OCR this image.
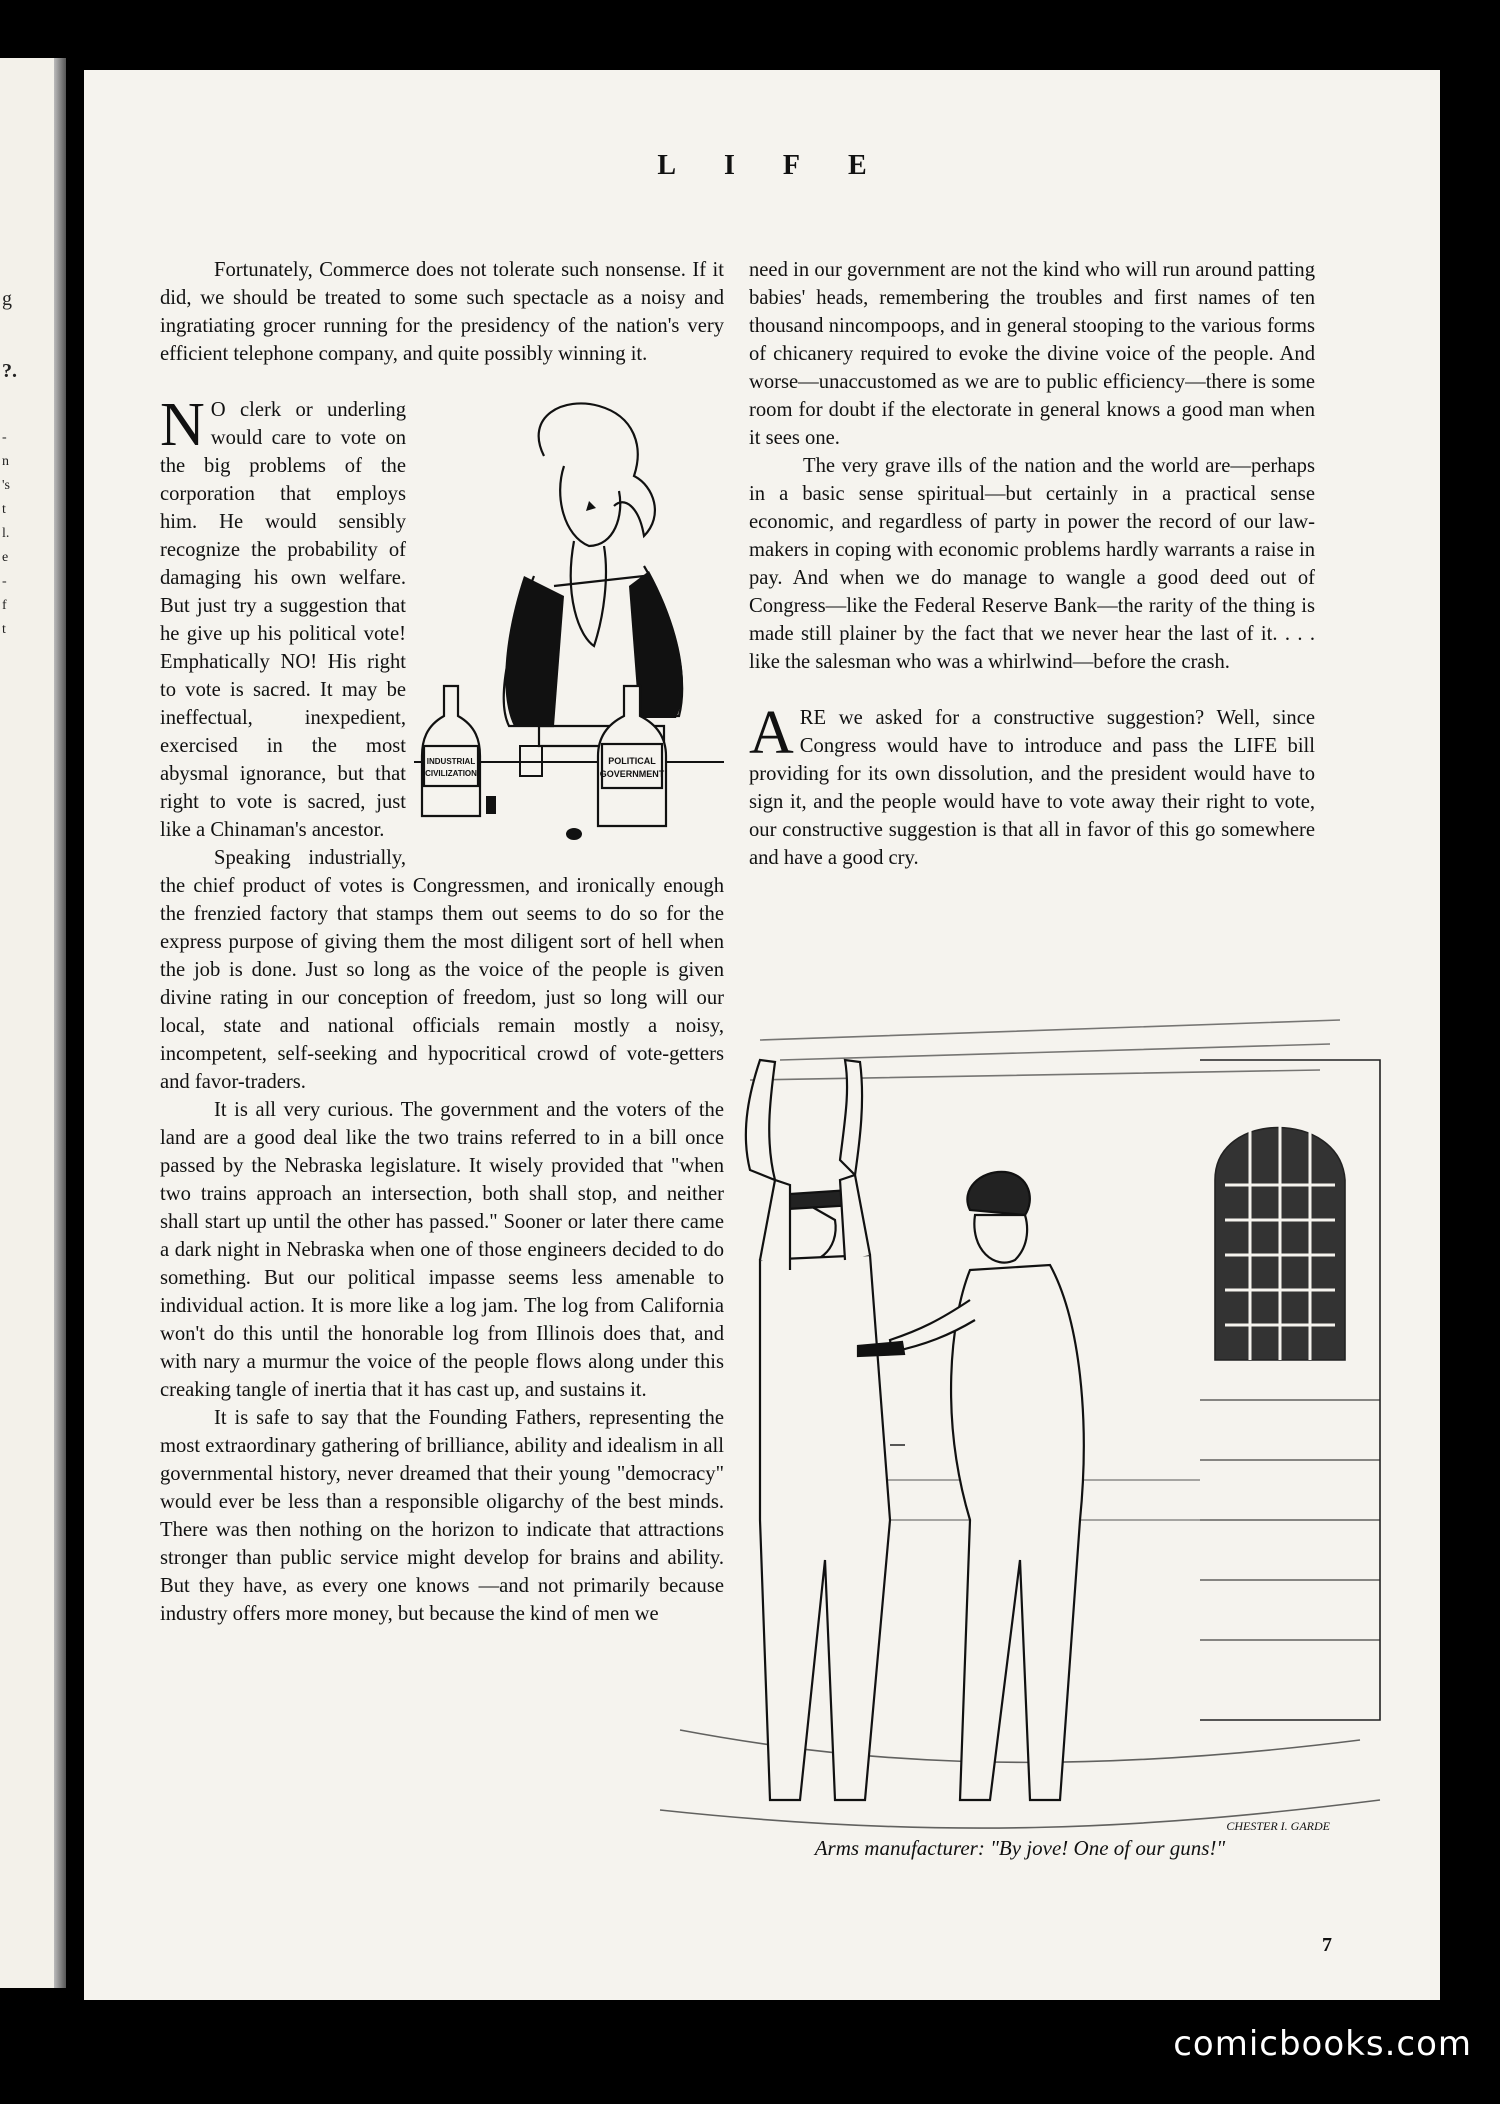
g
?.
-
n
's
t
l.
e
-
f
t
LIFE

Fortunately, Commerce does not tolerate such nonsense. If it did, we should be treated to some such spectacle as a noisy and ingratiating grocer running for the presidency of the nation's very efficient telephone company, and quite possibly winning it.

N
INDUSTRIAL
CIVILIZATION
POLITICAL
GOVERNMENT
O clerk or underling would care to vote on the big problems of the corporation that employs him. He would sensibly recognize the probability of damaging his own welfare. But just try a suggestion that he give up his political vote! Emphatically NO! His right to vote is sacred. It may be ineffectual, inexpedient, exercised in the most abysmal ignorance, but that right to vote is sacred, just like a Chinaman's ancestor.

Speaking industrially, the chief product of votes is Congressmen, and ironically enough the frenzied factory that stamps them out seems to do so for the express purpose of giving them the most diligent sort of hell when the job is done. Just so long as the voice of the people is given divine rating in our conception of freedom, just so long will our local, state and national officials remain mostly a noisy, incompetent, self-seeking and hypocritical crowd of vote-getters and favor-traders.

It is all very curious. The government and the voters of the land are a good deal like the two trains referred to in a bill once passed by the Nebraska legislature. It wisely provided that "when two trains approach an intersection, both shall stop, and neither shall start up until the other has passed." Sooner or later there came a dark night in Nebraska when one of those engineers decided to do something. But our political impasse seems less amenable to individual action. It is more like a log jam. The log from California won't do this until the honorable log from Illinois does that, and with nary a murmur the voice of the people flows along under this creaking tangle of inertia that it has cast up, and sustains it.

It is safe to say that the Founding Fathers, representing the most extraordinary gathering of brilliance, ability and idealism in all governmental history, never dreamed that their young "democracy" would ever be less than a responsible oligarchy of the best minds. There was then nothing on the horizon to indicate that attractions stronger than public service might develop for brains and ability. But they have, as every one knows —and not primarily because industry offers more money, but because the kind of men we

need in our government are not the kind who will run around patting babies' heads, remembering the troubles and first names of ten thousand nincompoops, and in general stooping to the various forms of chicanery required to evoke the divine voice of the people. And worse—unaccustomed as we are to public efficiency—there is some room for doubt if the electorate in general knows a good man when it sees one.

The very grave ills of the nation and the world are—perhaps in a basic sense spiritual—but certainly in a practical sense economic, and regardless of party in power the record of our law-makers in coping with economic problems hardly warrants a raise in pay. And when we do manage to wangle a good deed out of Congress—like the Federal Reserve Bank—the rarity of the thing is made still plainer by the fact that we never hear the last of it. . . . like the salesman who was a whirlwind—before the crash.

A RE we asked for a constructive suggestion? Well, since Congress would have to introduce and pass the LIFE bill providing for its own dissolution, and the president would have to sign it, and the people would have to vote away their right to vote, our constructive suggestion is that all in favor of this go somewhere and have a good cry.

CHESTER I. GARDE
Arms manufacturer: "By jove! One of our guns!"
7
comicbooks.com
